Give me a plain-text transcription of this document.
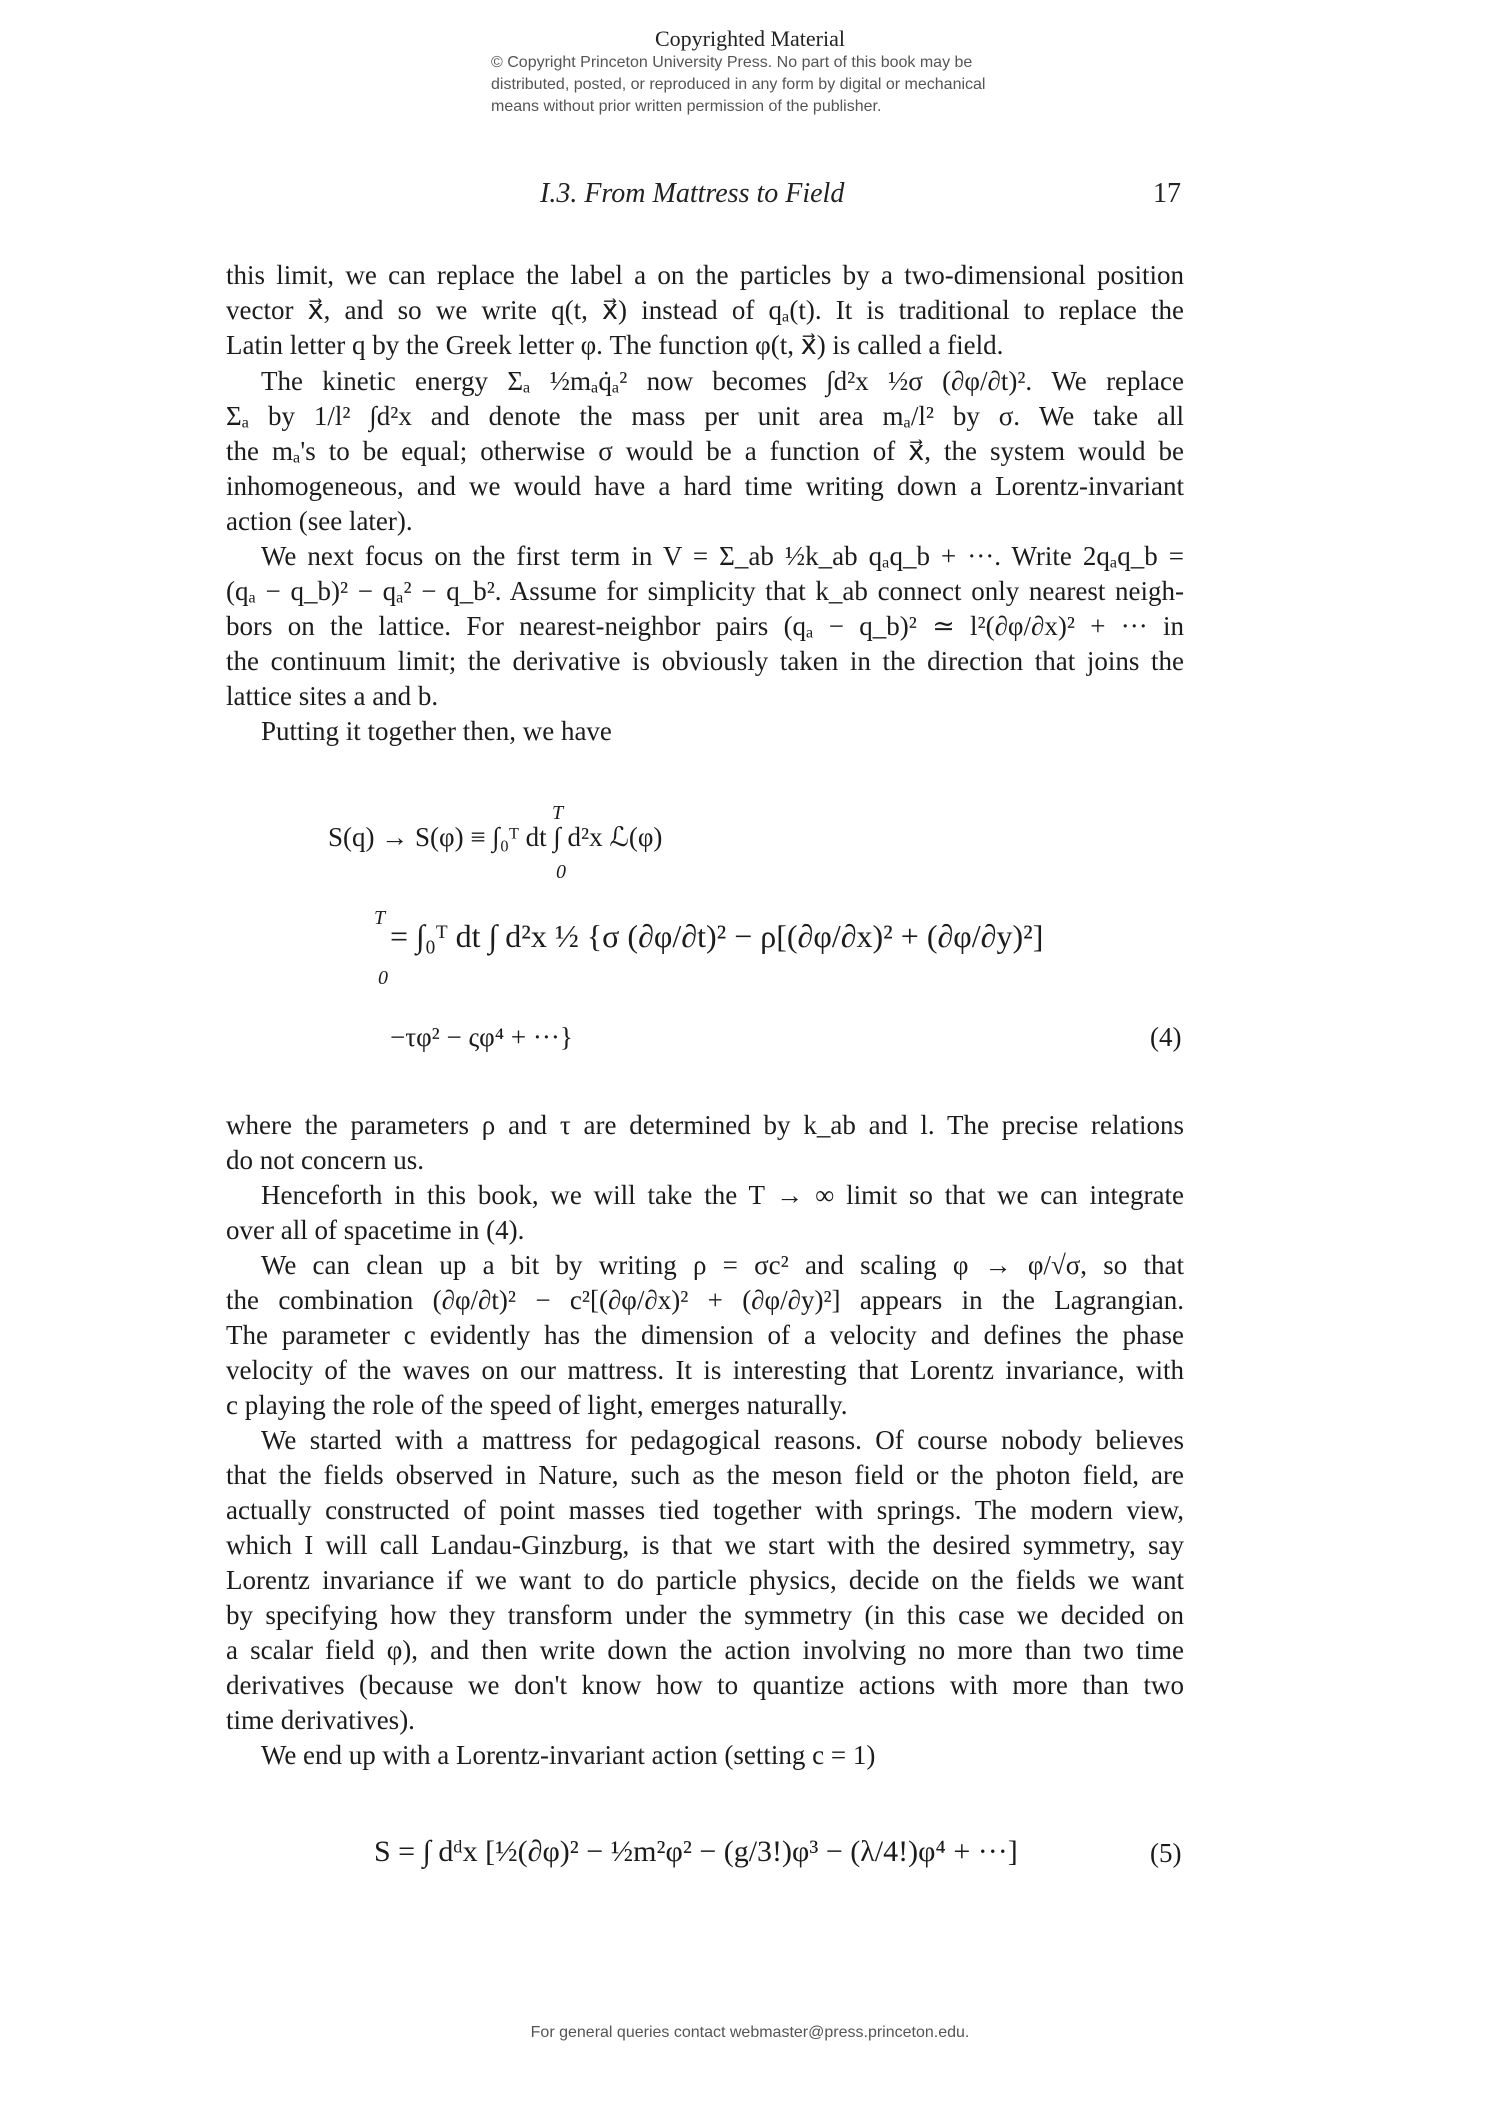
Copyrighted Material
© Copyright Princeton University Press. No part of this book may be
distributed, posted, or reproduced in any form by digital or mechanical
means without prior written permission of the publisher.
I.3. From Mattress to Field	17
this limit, we can replace the label a on the particles by a two-dimensional position
vector x⃗, and so we write q(t, x⃗) instead of qₐ(t). It is traditional to replace the
Latin letter q by the Greek letter φ. The function φ(t, x⃗) is called a field.
The kinetic energy Σₐ ½mₐq̇ₐ² now becomes ∫d²x ½σ (∂φ/∂t)². We replace
Σₐ by 1/l² ∫d²x and denote the mass per unit area mₐ/l² by σ. We take all
the mₐ's to be equal; otherwise σ would be a function of x⃗, the system would be
inhomogeneous, and we would have a hard time writing down a Lorentz-invariant
action (see later).
We next focus on the first term in V = Σ_ab ½k_ab qₐq_b + ···. Write 2qₐq_b =
(qₐ − q_b)² − qₐ² − q_b². Assume for simplicity that k_ab connect only nearest neigh-
bors on the lattice. For nearest-neighbor pairs (qₐ − q_b)² ≃ l²(∂φ/∂x)² + ··· in
the continuum limit; the derivative is obviously taken in the direction that joins the
lattice sites a and b.
Putting it together then, we have
T
0
S(q) → S(φ) ≡ ∫₀ᵀ dt ∫ d²x ℒ(φ)
T
0
= ∫₀ᵀ dt ∫ d²x ½ {σ (∂φ/∂t)² − ρ[(∂φ/∂x)² + (∂φ/∂y)²]
−τφ² − ςφ⁴ + ···}	(4)
where the parameters ρ and τ are determined by k_ab and l. The precise relations
do not concern us.
Henceforth in this book, we will take the T → ∞ limit so that we can integrate
over all of spacetime in (4).
We can clean up a bit by writing ρ = σc² and scaling φ → φ/√σ, so that
the combination (∂φ/∂t)² − c²[(∂φ/∂x)² + (∂φ/∂y)²] appears in the Lagrangian.
The parameter c evidently has the dimension of a velocity and defines the phase
velocity of the waves on our mattress. It is interesting that Lorentz invariance, with
c playing the role of the speed of light, emerges naturally.
We started with a mattress for pedagogical reasons. Of course nobody believes
that the fields observed in Nature, such as the meson field or the photon field, are
actually constructed of point masses tied together with springs. The modern view,
which I will call Landau-Ginzburg, is that we start with the desired symmetry, say
Lorentz invariance if we want to do particle physics, decide on the fields we want
by specifying how they transform under the symmetry (in this case we decided on
a scalar field φ), and then write down the action involving no more than two time
derivatives (because we don't know how to quantize actions with more than two
time derivatives).
We end up with a Lorentz-invariant action (setting c = 1)
S = ∫ dᵈx [½(∂φ)² − ½m²φ² − (g/3!)φ³ − (λ/4!)φ⁴ + ···]	(5)
For general queries contact webmaster@press.princeton.edu.
